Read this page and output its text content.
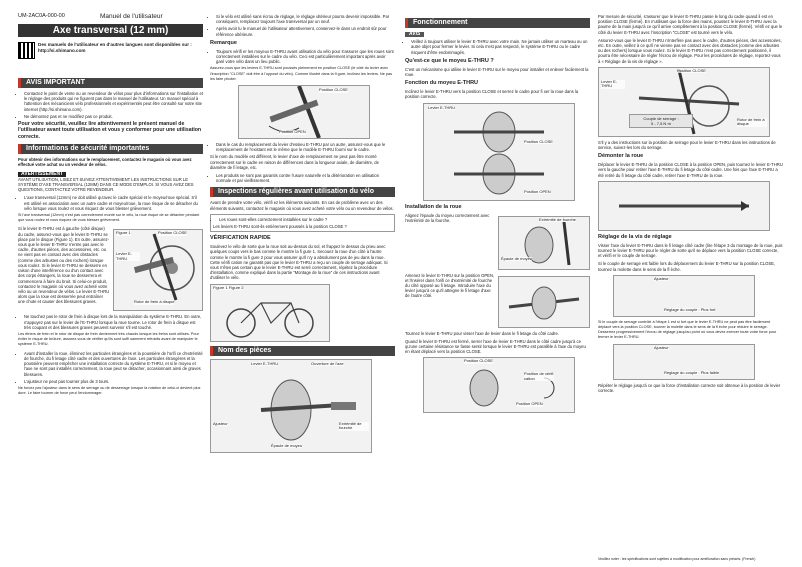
UM-2AC0A-000-00	Manuel de l'utilisateur
Axe transversal (12 mm)
Des manuels de l'utilisateur en d'autres langues sont disponibles sur : http://si.shimano.com
AVIS IMPORTANT
• Contactez le point de vente ou un revendeur de vélos pour plus d'informations sur l'installation et le réglage des produits qui ne figurent pas dans le manuel de l'utilisateur. Un manuel spécial à l'attention des mécaniciens vélo professionnels et expérimentés peut être consulté sur notre site internet (http://si.shimano.com).
• Ne démontez pas et ne modifiez pas ce produit.

Pour votre sécurité, veuillez lire attentivement le présent manuel de l'utilisateur avant toute utilisation et vous y conformer pour une utilisation correcte.

Informations de sécurité importantes

Pour obtenir des informations sur le remplacement, contactez le magasin où vous avez effectué votre achat ou un vendeur de vélos.

AVERTISSEMENT

AVANT UTILISATION, LISEZ ET SUIVEZ ATTENTIVEMENT LES INSTRUCTIONS SUR LE SYSTÈME D'AXE TRANSVERSAL (12MM) DANS CE MODE D'EMPLOI. SI VOUS AVEZ DES QUESTIONS, CONTACTEZ VOTRE REVENDEUR.

• L'axe transversal (12mm) ne doit utilisé qu'avec le cadre spécial et le moyeu/roue spécial. S'il est utilisé en association avec un autre cadre et moyeu/roue, la roue risque de se détacher du vélo lorsque vous roulez et vous risquez de vous blesser grièvement.

Si l'axe transversal (12mm) n'est pas correctement monté sur le vélo, la roue risque de se détacher pendant que vous roulez et vous risquez de vous blesser grièvement.

Si le levier E-THRU est à gauche (côté disque) du cadre, assurez-vous que le levier E-THRU se place par le disque (Figure 1). En outre, assurez-vous que le levier E-THRU n'entre pas avec le cadre, d'autres pièces, des accessoires, etc. ou ne vient pas en contact avec des obstacles (comme des arbustes ou des rochers) lorsque vous roulez. Si le levier E-THRU se desserre en raison d'une interférence ou d'un contact avec des corps étrangers, la roue se desserrera et commencera à faire du bruit. Si celui-ce produit, contactez le magasin où vous avez acheté votre vélo ou un revendeur de vélos. Le levier E-THRU alors que la roue est desserrée peut entraîner une chute et causer des blessures graves.
Figure 1	Position CLOSE
Levier E-THRU
Rotor de frein à disque
• Ne touchez pas le rotor de frein à disque lors de la manipulation du système E-THRU. En outre, n'appuyez pas sur le levier de l'E-THRU lorsque la roue tourne. Le rotor de frein à disque est très coupant et des blessures graves peuvent survenir s'il est touché.

Les étriers de frein et le rotor de disque de frein deviennent très chauds lorsque les freins sont utilisés. Pour éviter le risque de brûlure, assurez-vous de vérifier qu'ils sont suffi samment refroidis avant de manipuler le système E-THRU.

• Avant d'installer la roue, éliminez les particules étrangères et la poussière de l'orifi ce d'extrémité de fourche, du fi letage côté cadre et des ouvertures de l'axe. Les particules étrangères et la poussière peuvent empêcher une installation correcte du système E-THRU, et si le moyeu et l'axe ne sont pas installés correctement, la roue peut se détacher, occasionnant ainsi de graves blessures.
• L'ajusteur ne peut pas tourner plus de 3 tours.

Ne forcez pas l'ajusteur dans le sens de serrage ou de desserrage lorsque la rotation de celui-ci devient plus dure. Le faire tourner de force peut l'endommager.

• Si le vélo est utilisé sans écrou de réglage, le réglage ultérieur pourra devenir impossible. Par conséquent, remplacez toujours l'axe transversal par un neuf.
• Après avoir lu le manuel de l'utilisateur attentivement, conservez-le dans un endroit sûr pour référence ultérieure.
Remarque
• Toujours vérifi er les moyeux E-THRU avant utilisation du vélo pour s'assurer que les roues sont correctement installées sur le cadre du vélo. Ceci est particulièrement important après avoir garé votre vélo dans un lieu public.

Assurez-vous que les leviers E-THRU sont poussés pleinement en position CLOSE (le côté du levier avec l'inscription "CLOSE" doit être à l'opposé du vélo). Comme illustré dans la fi gure, inclinez les leviers. Ne pas les faire pivoter.

Position CLOSE
Position OPEN
• Dans le cas du remplacement du levier d'essieu E-THRU par un autre, assurez-vous que le remplacement de l'existant est le même que le modèle E-THRU fourni sur le cadre.

Si le nom du modèle est différent, le levier d'axe de remplacement ne peut pas être monté correctement sur le cadre en raison de différences dans la longueur axiale, de diamètre, de diamètre de fi letage, etc.

• Les produits ne sont pas garantis contre l'usure naturelle et la détérioration en utilisation normale et par vieillissement.
Inspections régulières avant utilisation du vélo

Avant de prendre votre vélo, vérifi ez les éléments suivants. En cas de problème avec un des éléments suivants, contactez le magasin où vous avez acheté votre vélo ou un revendeur de vélos.

• Les roues sont-elles correctement installées sur le cadre ?

Les leviers E-THRU sont-ils entièrement poussés à la position CLOSE ?

VÉRIFICATION RAPIDE

Soulevez le vélo de sorte que la roue soit au-dessus du sol, et frappez le dessus du pneu avec quelques coups vers le bas comme le montre la fi gure 1. Secouez la roue d'un côté à l'autre comme le montre la fi gure 2 pour vous assurer qu'il n'y a absolument pas de jeu dans la roue. Cette vérifi cation ne garantit pas que le levier E-THRU a reçu un couple de serrage adéquat. Si vous n'êtes pas certain que le levier E-THRU est serré correctement, répétez la procédure d'installation, comme expliqué dans la partie "Montage de la roue" de ces instructions avant d'utiliser le vélo.

Figure 1 Figure 2
Nom des pièces
Levier E-THRU	Ouverture de l'axe
Ajusteur	Extrémité de fourche
Épaule de moyeu
Fonctionnement
AVIS
• Veillez à toujours utiliser le levier E-THRU avec votre main. Ne jamais utiliser un marteau ou un autre objet pour fermer le levier. Si cela n'est pas respecté, le système E-THRU ou le cadre risquent d'être endommagés.
Qu'est-ce que le moyeu E-THRU ?

C'est un mécanisme qui utilise le levier E-THRU sur le moyeu pour installer et enlever facilement la roue.

Fonction du moyeu E-THRU

Inclinez le levier E-THRU vers la position CLOSE et serrez le cadre pour fi xer la roue dans la position correcte.

Levier E-THRU
Position CLOSE
Position OPEN
Installation de la roue

Alignez l'épaule du moyeu correctement avec l'extrémité de la fourche.	Extrémité de fourche
Épaule de moyeu

Amenez le levier E-THRU sur la position OPEN, et l'insérer dans l'orifi ce d'extrémité de fourche du côté opposé au fi letage. Introduire l'axe du levier jusqu'à ce qu'il atteigne le fi letage d'axe de l'autre côté.

Tournez le levier E-THRU pour visser l'axe de levier dans le fi letage du côté cadre.

Quand le levier E-THRU est fermé, serrer l'axe de levier E-THRU dans le côté cadre jusqu'à ce qu'une certaine résistance se fasse sentir lorsque le levier E-THRU est parallèle à l'axe du moyeu en étant déplacé vers la position CLOSE.

Position CLOSE
Position de vérifi cation
Position OPEN

Par mesure de sécurité, s'assurer que le levier E-THRU passe le long du cadre quand il est en position CLOSE (fermé). En n'utilisant que la force des mains, poussez le levier E-THRU avec la paume de la main jusqu'à ce qu'il arrive complètement à la position CLOSE (fermé). Vérifi ez que le côté du levier E-THRU avec l'inscription "CLOSE" est tourné vers le vélo.

Assurez-vous que le levier E-THRU n'interfère pas avec le cadre, d'autres pièces, des accessoires, etc. En outre, veillez à ce qu'il ne vienne pas en contact avec des obstacles (comme des arbustes ou des rochers) lorsque vous roulez. Si le levier E-THRU n'est pas correctement positionné, il pourra être nécessaire de régler l'écrou de réglage. Pour les procédures de réglage, reportez-vous à « Réglage de la vis de réglage ».

Position CLOSE
Levier E-THRU
Couple de serrage :
5 - 7,5 N·m
Rotor de frein à disque

S'il y a des instructions sur la position de serrage pour le levier E-THRU dans les instructions de service, suivez-les lors du serrage.

Démonter la roue

Déplacer le levier E-THRU de la position CLOSE à la position OPEN, puis tournez le levier E-THRU vers la gauche pour retirer l'axe E-THRU du fi letage du côté cadre. Une fois que l'axe E-THRU a été retiré du fi letage du côté cadre, retirer l'axe E-THRU de la roue.

Réglage de la vis de réglage

Visser l'axe du levier E-THRU dans le fi letage côté cadre (lire l'étape 3 du montage de la roue, puis tournez le levier E-THRU pour le régler de sorte qu'il se déplace vers la position CLOSE correcte, et vérifi er le couple de serrage.

Si le couple de serrage est faible lors du déplacement du levier E-THRU sur la position CLOSE, tournez la molette dans le sens de la fl èche.

Ajusteur
Réglage du couple : Plus fort

Si le couple de serrage contrôlé à l'étape 1 est si fort que le levier E-THRU ne peut pas être facilement déplacé vers la position CLOSE, tourner la molette dans le sens de la fl èche pour réduire le serrage. Desserrez progressivement l'écrou de réglage jusqu'au point où vous devez exercer toute votre force pour fermer le levier E-THRU.

Ajusteur
Réglage du couple : Plus faible

Répéter le réglage jusqu'à ce que la force d'installation correcte soit obtenue à la position de levier correcte.

Veuillez noter : les spécifications sont sujettes à modification pour amélioration sans préavis. (French)
